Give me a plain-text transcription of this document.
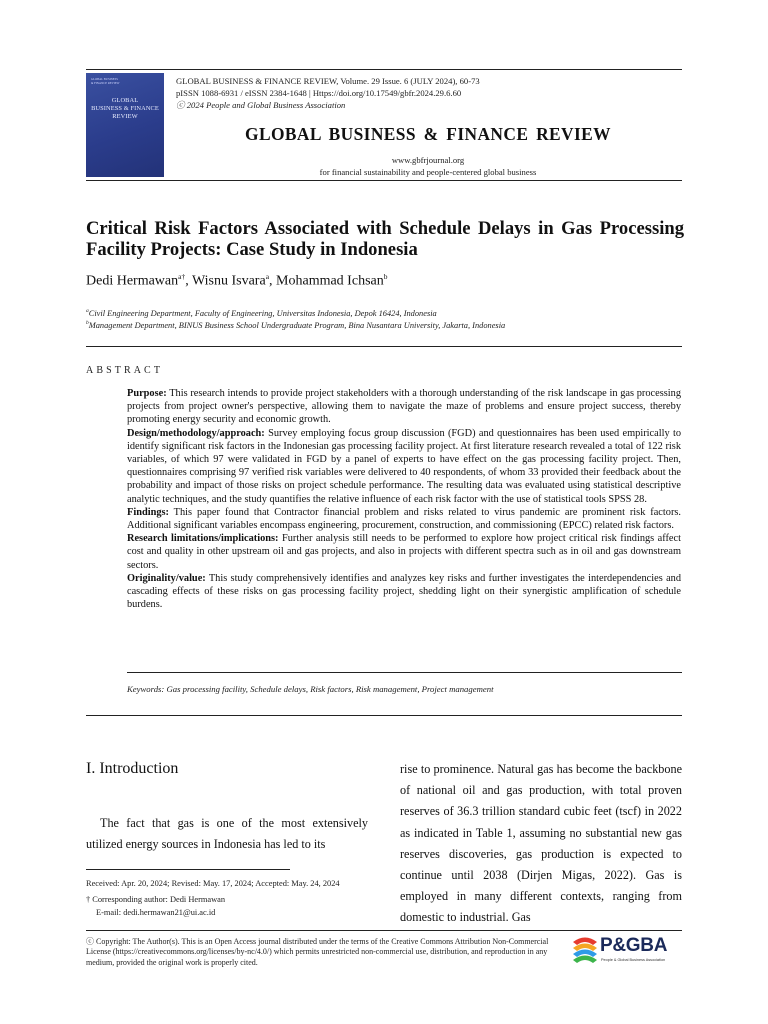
GLOBAL BUSINESS & FINANCE REVIEW
GLOBAL
BUSINESS & FINANCE
REVIEW
GLOBAL BUSINESS & FINANCE REVIEW, Volume. 29 Issue. 6 (JULY 2024), 60-73
pISSN 1088-6931 / eISSN 2384-1648 | Https://doi.org/10.17549/gbfr.2024.29.6.60
ⓒ 2024 People and Global Business Association
GLOBAL BUSINESS & FINANCE REVIEW
www.gbfrjournal.org
for financial sustainability and people-centered global business
Critical Risk Factors Associated with Schedule Delays in Gas Processing Facility Projects: Case Study in Indonesia
Dedi Hermawan$^{a\dagger}$, Wisnu Isvara$^a$, Mohammad Ichsan$^b$
$^a$Civil Engineering Department, Faculty of Engineering, Universitas Indonesia, Depok 16424, Indonesia
$^b$Management Department, BINUS Business School Undergraduate Program, Bina Nusantara University, Jakarta, Indonesia
ABSTRACT

Purpose: This research intends to provide project stakeholders with a thorough understanding of the risk landscape in gas processing projects from project owner's perspective, allowing them to navigate the maze of problems and ensure project success, thereby promoting energy security and economic growth.

Design/methodology/approach: Survey employing focus group discussion (FGD) and questionnaires has been used empirically to identify significant risk factors in the Indonesian gas processing facility project. At first literature research revealed a total of 122 risk variables, of which 97 were validated in FGD by a panel of experts to have effect on the gas processing facility project. Then, questionnaires comprising 97 verified risk variables were delivered to 40 respondents, of whom 33 provided their feedback about the probability and impact of those risks on project schedule performance. The resulting data was evaluated using statistical descriptive analytic techniques, and the study quantifies the relative influence of each risk factor with the use of statistical tools SPSS 28.

Findings: This paper found that Contractor financial problem and risks related to virus pandemic are prominent risk factors. Additional significant variables encompass engineering, procurement, construction, and commissioning (EPCC) related risk factors.

Research limitations/implications: Further analysis still needs to be performed to explore how project critical risk findings affect cost and quality in other upstream oil and gas projects, and also in projects with different spectra such as in oil and gas downstream sectors.

Originality/value: This study comprehensively identifies and analyzes key risks and further investigates the interdependencies and cascading effects of these risks on gas processing facility project, shedding light on their synergistic amplification of schedule burdens.

Keywords: Gas processing facility, Schedule delays, Risk factors, Risk management, Project management
I. Introduction
The fact that gas is one of the most extensively utilized energy sources in Indonesia has led to its
rise to prominence. Natural gas has become the backbone of national oil and gas production, with total proven reserves of 36.3 trillion standard cubic feet (tscf) in 2022 as indicated in Table 1, assuming no substantial new gas reserves discoveries, gas production is expected to continue until 2038 (Dirjen Migas, 2022). Gas is employed in many different contexts, ranging from domestic to industrial. Gas
Received: Apr. 20, 2024; Revised: May. 17, 2024; Accepted: May. 24, 2024
† Corresponding author: Dedi Hermawan
E-mail: dedi.hermawan21@ui.ac.id
ⓒ Copyright: The Author(s). This is an Open Access journal distributed under the terms of the Creative Commons Attribution Non-Commercial License (https://creativecommons.org/licenses/by-nc/4.0/) which permits unrestricted non-commercial use, distribution, and reproduction in any medium, provided the original work is properly cited.
P&GBA
People & Global Business Association
